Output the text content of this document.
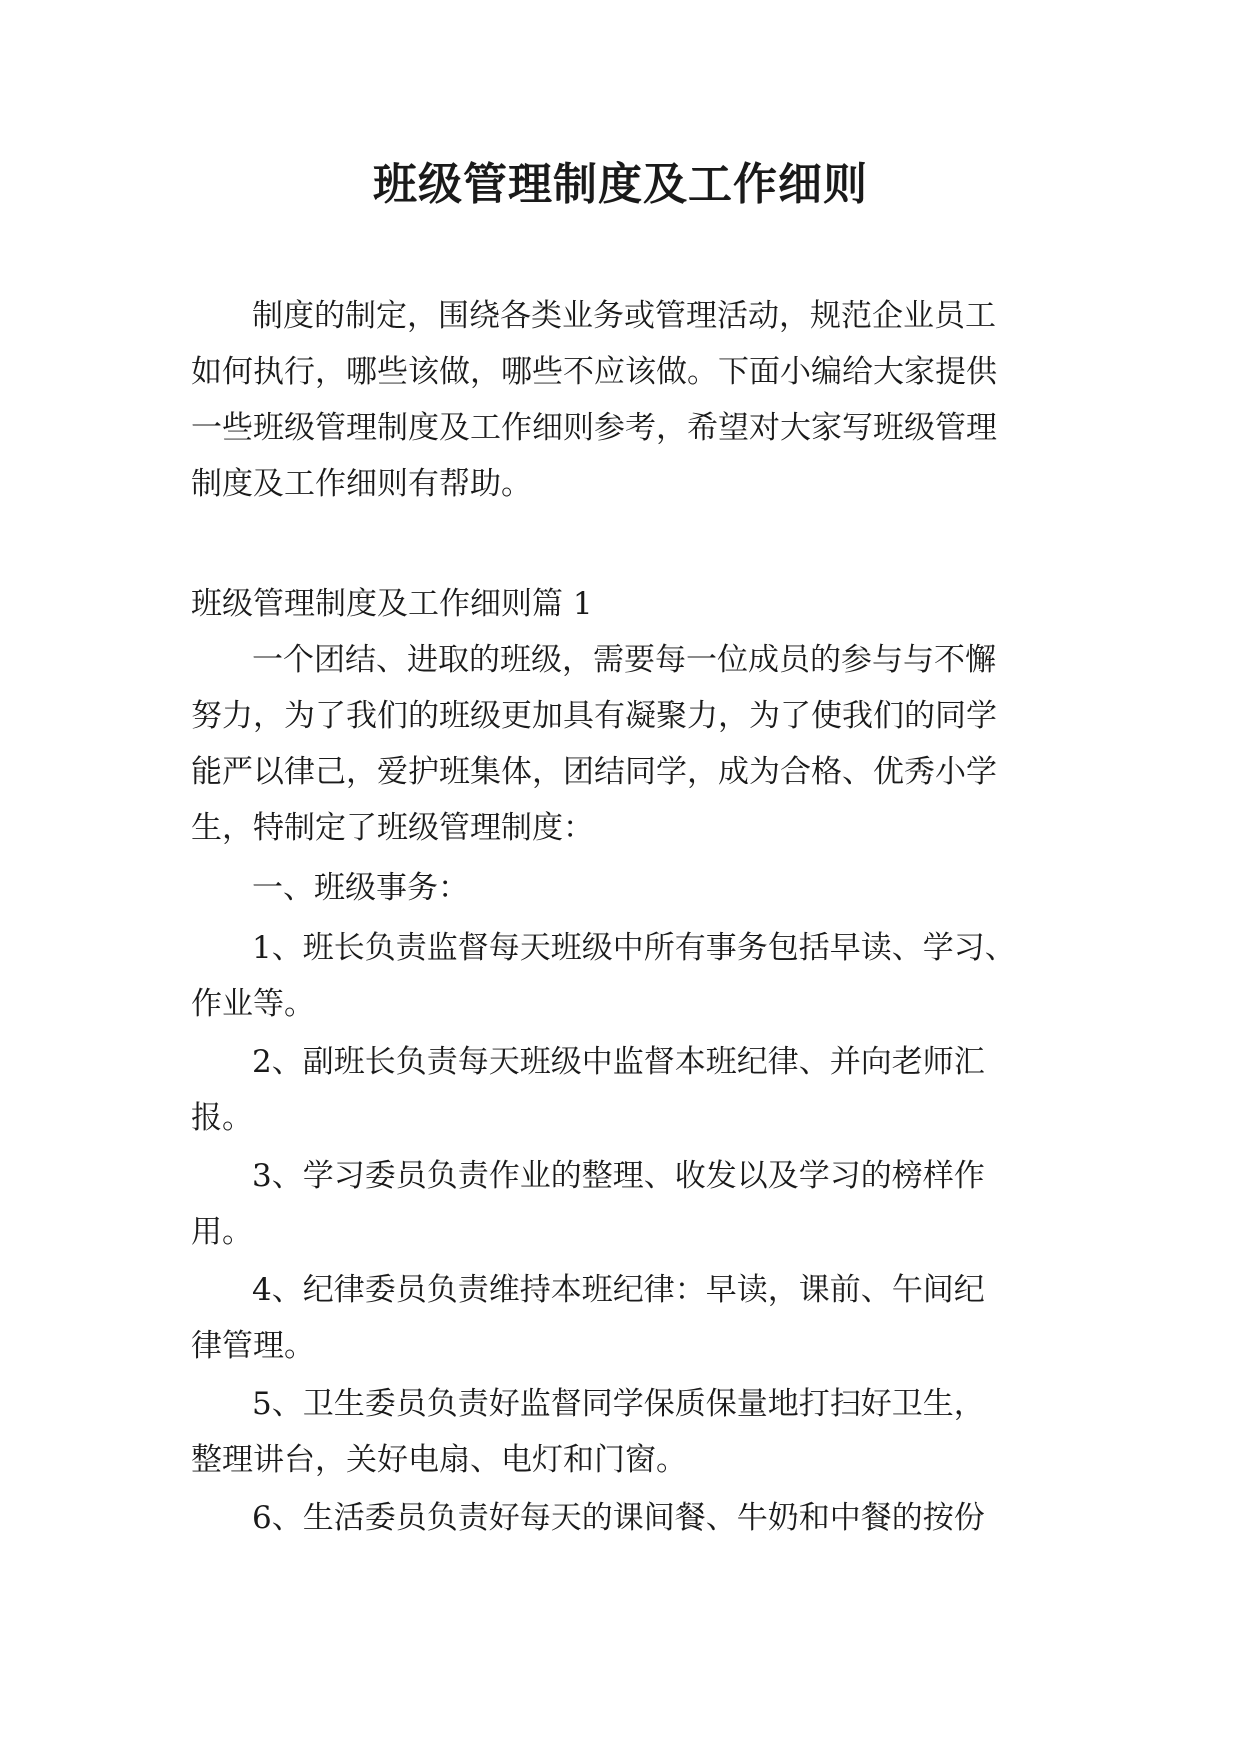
班级管理制度及工作细则

制度的制定，围绕各类业务或管理活动，规范企业员工

如何执行，哪些该做，哪些不应该做。下面小编给大家提供

一些班级管理制度及工作细则参考，希望对大家写班级管理

制度及工作细则有帮助。

班级管理制度及工作细则篇 1

一个团结、进取的班级，需要每一位成员的参与与不懈

努力，为了我们的班级更加具有凝聚力，为了使我们的同学

能严以律己，爱护班集体，团结同学，成为合格、优秀小学

生，特制定了班级管理制度：

一、班级事务：

1、班长负责监督每天班级中所有事务包括早读、学习、

作业等。

2、副班长负责每天班级中监督本班纪律、并向老师汇

报。

3、学习委员负责作业的整理、收发以及学习的榜样作

用。

4、纪律委员负责维持本班纪律：早读，课前、午间纪

律管理。

5、卫生委员负责好监督同学保质保量地打扫好卫生，

整理讲台，关好电扇、电灯和门窗。

6、生活委员负责好每天的课间餐、牛奶和中餐的按份
